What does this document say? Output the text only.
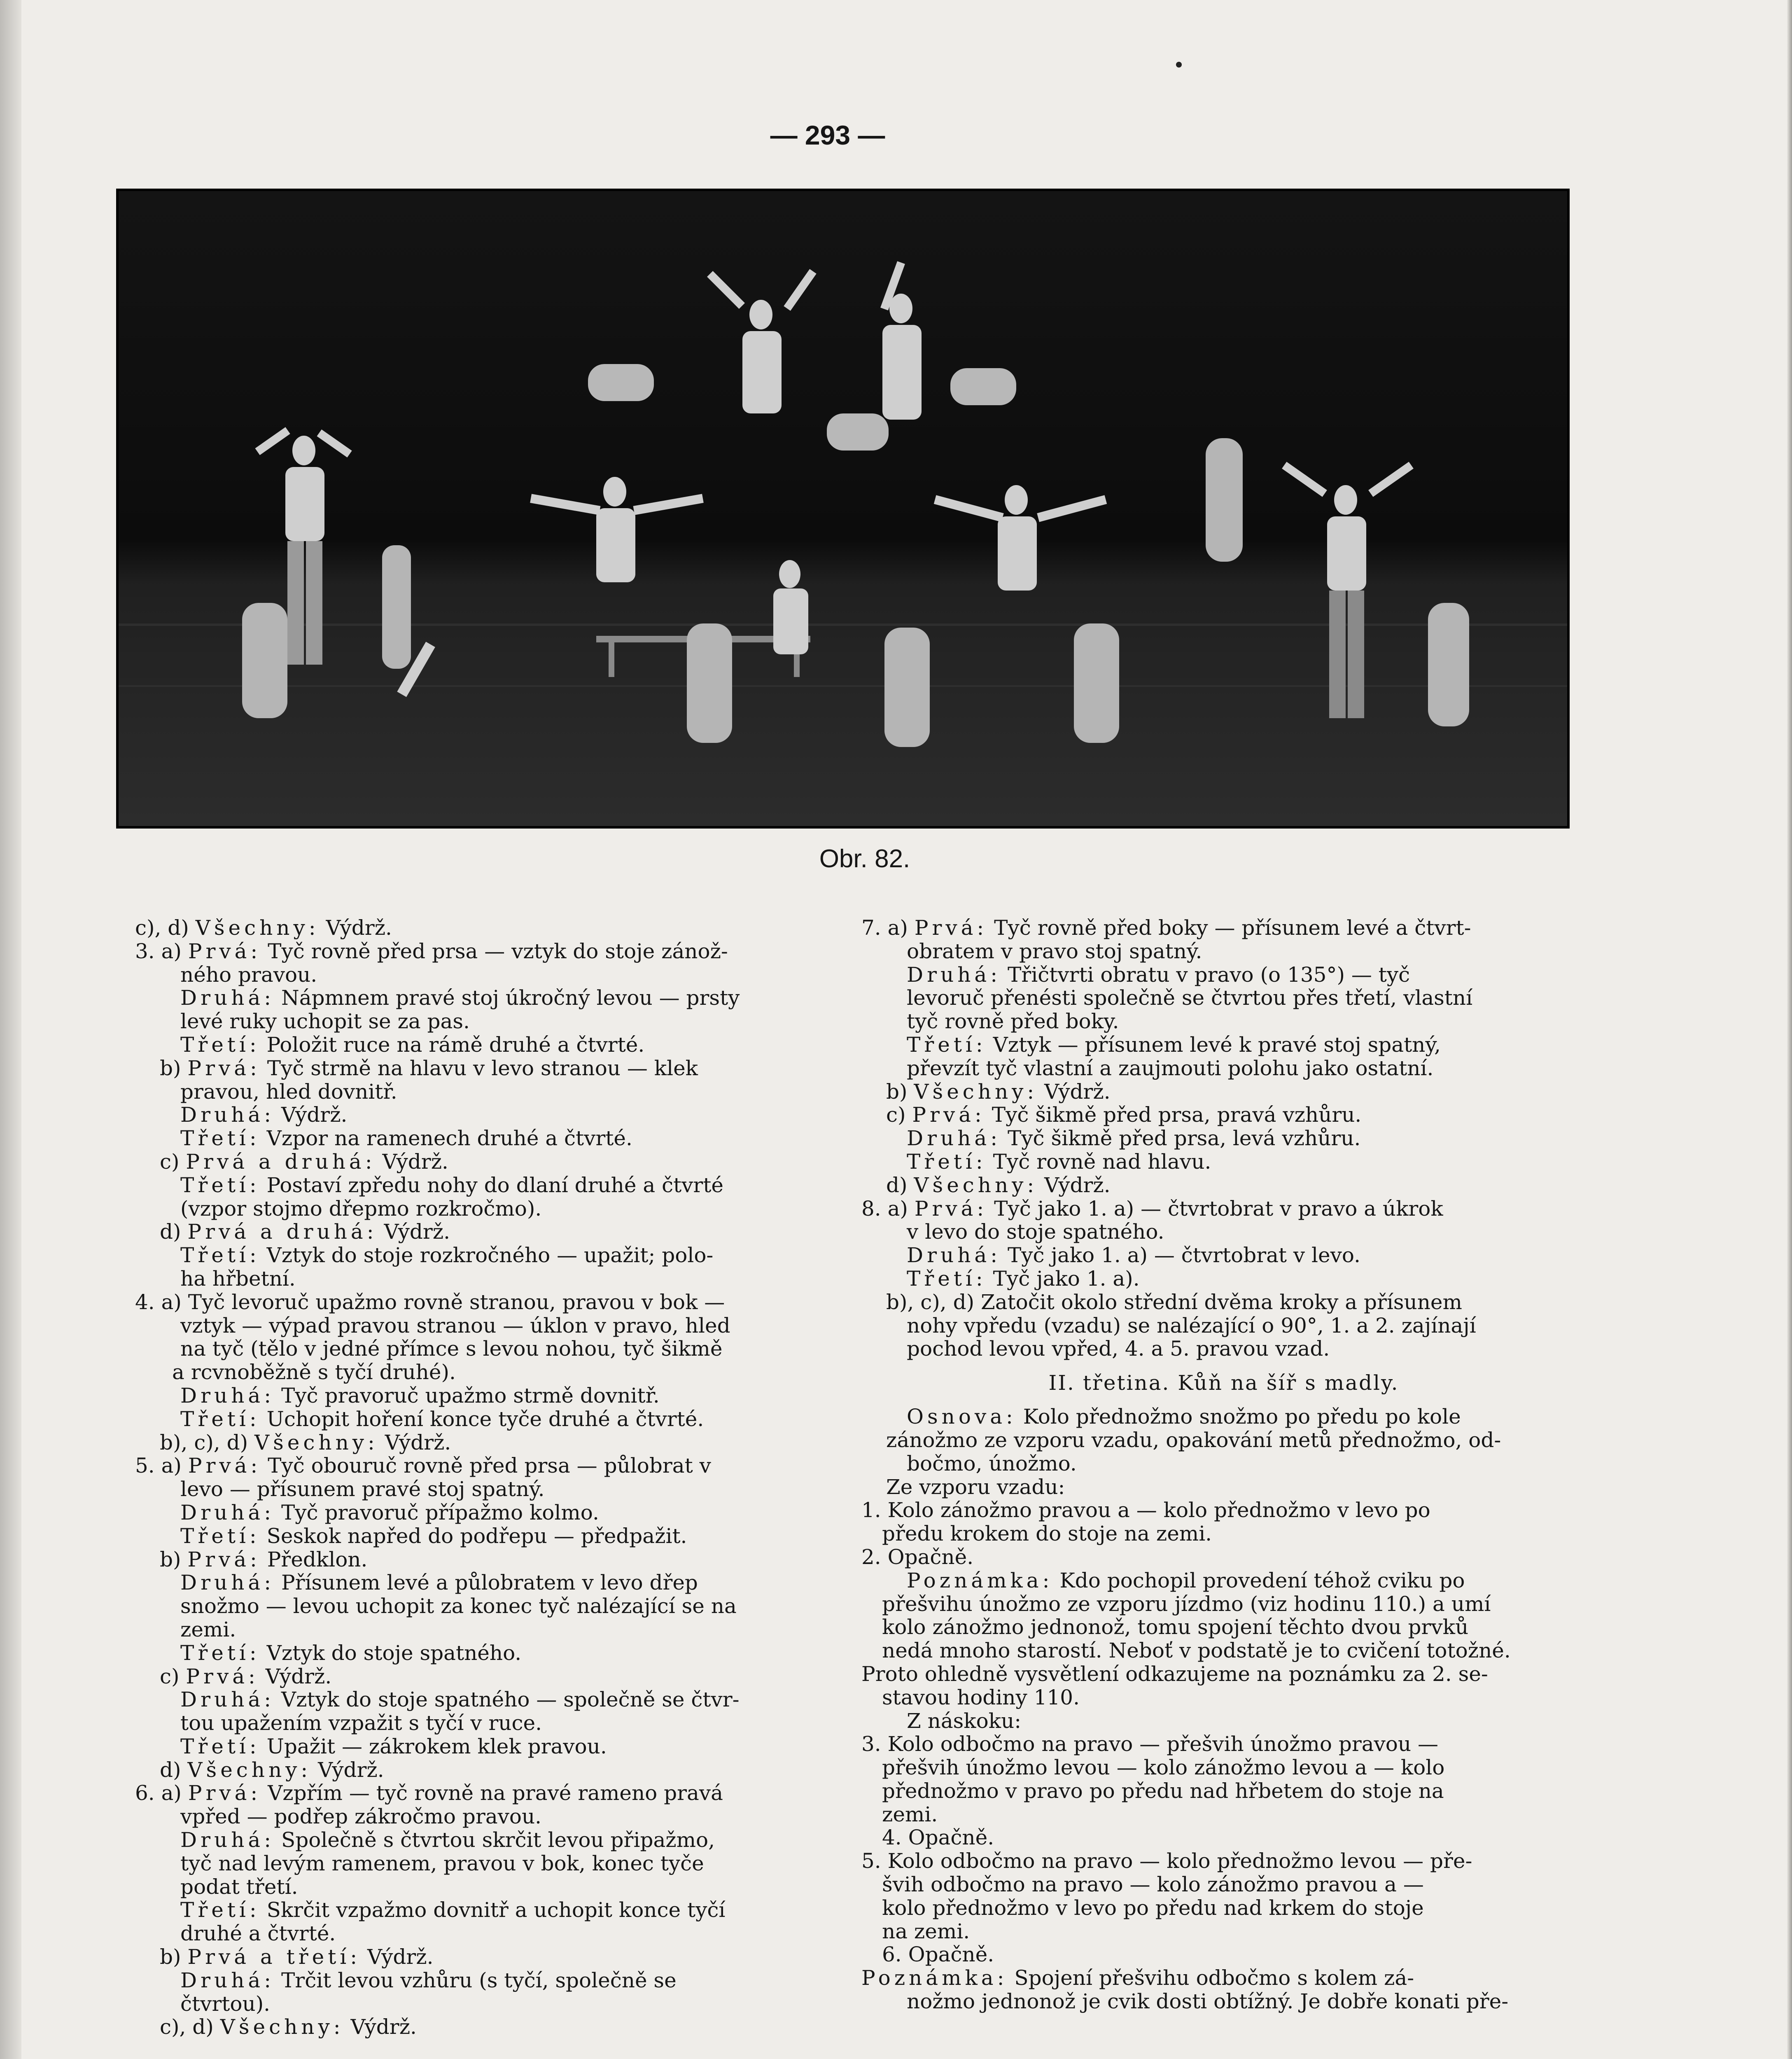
— 293 —
Obr. 82.
c), d) Všechny: Výdrž.
3. a) Prvá: Tyč rovně před prsa — vztyk do stoje zánož-
ného pravou.
Druhá: Nápmnem pravé stoj úkročný levou — prsty
levé ruky uchopit se za pas.
Třetí: Položit ruce na rámě druhé a čtvrté.
b) Prvá: Tyč strmě na hlavu v levo stranou — klek
pravou, hled dovnitř.
Druhá: Výdrž.
Třetí: Vzpor na ramenech druhé a čtvrté.
c) Prvá a druhá: Výdrž.
Třetí: Postaví zpředu nohy do dlaní druhé a čtvrté
(vzpor stojmo dřepmo rozkročmo).
d) Prvá a druhá: Výdrž.
Třetí: Vztyk do stoje rozkročného — upažit; polo-
ha hřbetní.
4. a) Tyč levoruč upažmo rovně stranou, pravou v bok —
vztyk — výpad pravou stranou — úklon v pravo, hled
na tyč (tělo v jedné přímce s levou nohou, tyč šikmě
a rcvnoběžně s tyčí druhé).
Druhá: Tyč pravoruč upažmo strmě dovnitř.
Třetí: Uchopit hoření konce tyče druhé a čtvrté.
b), c), d) Všechny: Výdrž.
5. a) Prvá: Tyč obouruč rovně před prsa — půlobrat v
levo — přísunem pravé stoj spatný.
Druhá: Tyč pravoruč přípažmo kolmo.
Třetí: Seskok napřed do podřepu — předpažit.
b) Prvá: Předklon.
Druhá: Přísunem levé a půlobratem v levo dřep
snožmo — levou uchopit za konec tyč nalézající se na
zemi.
Třetí: Vztyk do stoje spatného.
c) Prvá: Výdrž.
Druhá: Vztyk do stoje spatného — společně se čtvr-
tou upažením vzpažit s tyčí v ruce.
Třetí: Upažit — zákrokem klek pravou.
d) Všechny: Výdrž.
6. a) Prvá: Vzpřím — tyč rovně na pravé rameno pravá
vpřed — podřep zákročmo pravou.
Druhá: Společně s čtvrtou skrčit levou připažmo,
tyč nad levým ramenem, pravou v bok, konec tyče
podat třetí.
Třetí: Skrčit vzpažmo dovnitř a uchopit konce tyčí
druhé a čtvrté.
b) Prvá a třetí: Výdrž.
Druhá: Trčit levou vzhůru (s tyčí, společně se
čtvrtou).
c), d) Všechny: Výdrž.
7. a) Prvá: Tyč rovně před boky — přísunem levé a čtvrt-
obratem v pravo stoj spatný.
Druhá: Třičtvrti obratu v pravo (o 135°) — tyč
levoruč přenésti společně se čtvrtou přes třetí, vlastní
tyč rovně před boky.
Třetí: Vztyk — přísunem levé k pravé stoj spatný,
převzít tyč vlastní a zaujmouti polohu jako ostatní.
b) Všechny: Výdrž.
c) Prvá: Tyč šikmě před prsa, pravá vzhůru.
Druhá: Tyč šikmě před prsa, levá vzhůru.
Třetí: Tyč rovně nad hlavu.
d) Všechny: Výdrž.
8. a) Prvá: Tyč jako 1. a) — čtvrtobrat v pravo a úkrok
v levo do stoje spatného.
Druhá: Tyč jako 1. a) — čtvrtobrat v levo.
Třetí: Tyč jako 1. a).
b), c), d) Zatočit okolo střední dvěma kroky a přísunem
nohy vpředu (vzadu) se nalézající o 90°, 1. a 2. zajínají
pochod levou vpřed, 4. a 5. pravou vzad.
II. třetina. Kůň na šíř s madly.
Osnova: Kolo přednožmo snožmo po předu po kole
zánožmo ze vzporu vzadu, opakování metů přednožmo, od-
bočmo, únožmo.
Ze vzporu vzadu:
1. Kolo zánožmo pravou a — kolo přednožmo v levo po
předu krokem do stoje na zemi.
2. Opačně.
Poznámka: Kdo pochopil provedení téhož cviku po
přešvihu únožmo ze vzporu jízdmo (viz hodinu 110.) a umí
kolo zánožmo jednonož, tomu spojení těchto dvou prvků
nedá mnoho starostí. Neboť v podstatě je to cvičení totožné.
Proto ohledně vysvětlení odkazujeme na poznámku za 2. se-
stavou hodiny 110.
Z náskoku:
3. Kolo odbočmo na pravo — přešvih únožmo pravou —
přešvih únožmo levou — kolo zánožmo levou a — kolo
přednožmo v pravo po předu nad hřbetem do stoje na
zemi.
4. Opačně.
5. Kolo odbočmo na pravo — kolo přednožmo levou — pře-
švih odbočmo na pravo — kolo zánožmo pravou a —
kolo přednožmo v levo po předu nad krkem do stoje
na zemi.
6. Opačně.
Poznámka: Spojení přešvihu odbočmo s kolem zá-
nožmo jednonož je cvik dosti obtížný. Je dobře konati pře-
